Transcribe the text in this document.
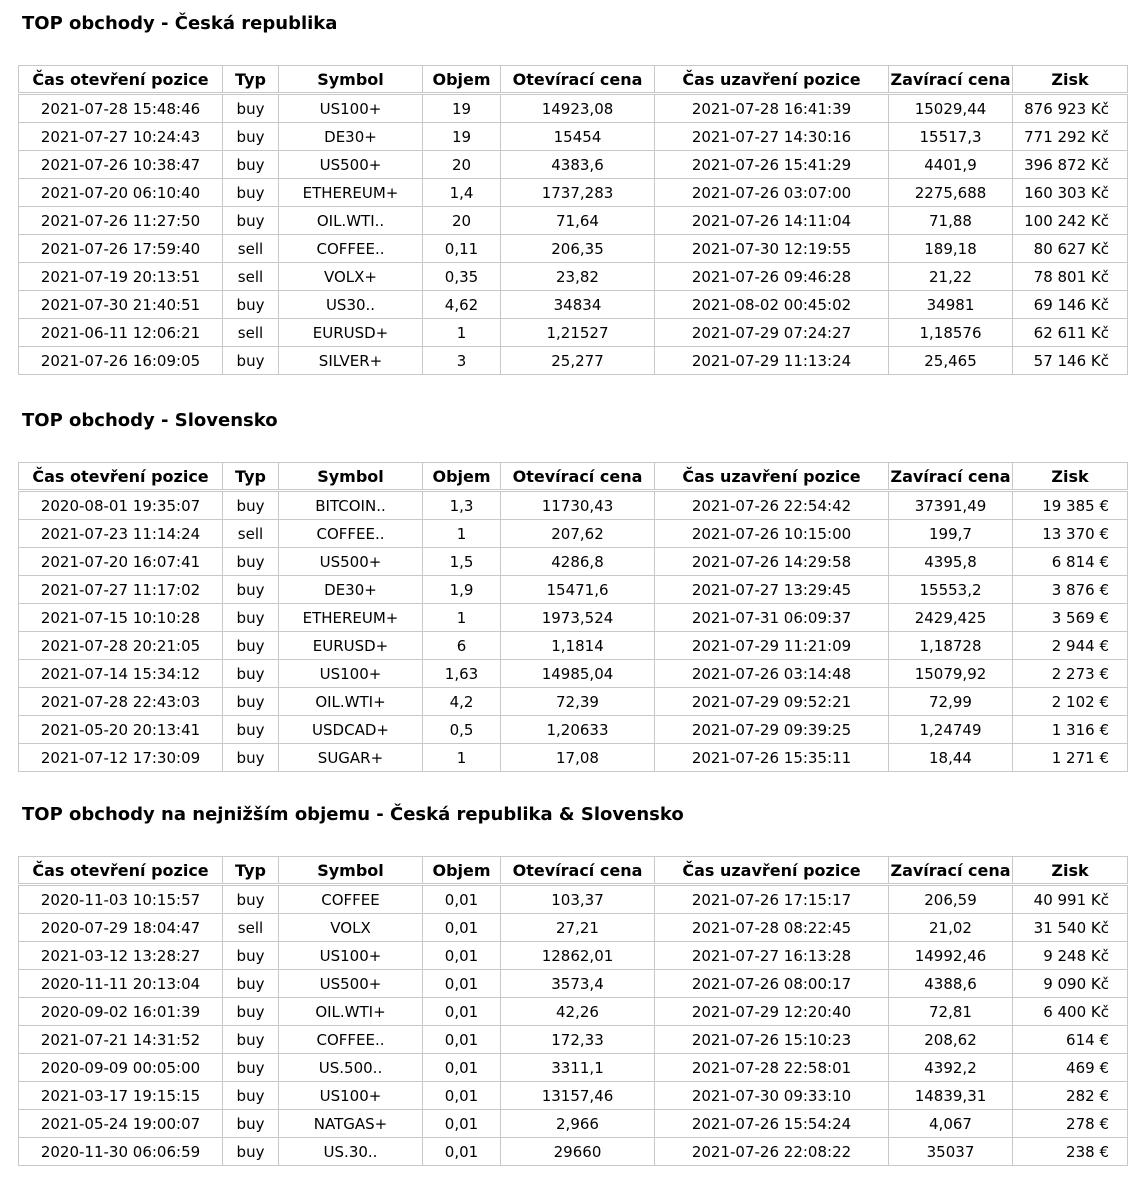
TOP obchody - Česká republika
Čas otevření pozice	Typ	Symbol	Objem	Otevírací cena	Čas uzavření pozice	Zavírací cena	Zisk
2021-07-28 15:48:46	buy	US100+	19	14923,08	2021-07-28 16:41:39	15029,44	876 923 Kč
2021-07-27 10:24:43	buy	DE30+	19	15454	2021-07-27 14:30:16	15517,3	771 292 Kč
2021-07-26 10:38:47	buy	US500+	20	4383,6	2021-07-26 15:41:29	4401,9	396 872 Kč
2021-07-20 06:10:40	buy	ETHEREUM+	1,4	1737,283	2021-07-26 03:07:00	2275,688	160 303 Kč
2021-07-26 11:27:50	buy	OIL.WTI..	20	71,64	2021-07-26 14:11:04	71,88	100 242 Kč
2021-07-26 17:59:40	sell	COFFEE..	0,11	206,35	2021-07-30 12:19:55	189,18	80 627 Kč
2021-07-19 20:13:51	sell	VOLX+	0,35	23,82	2021-07-26 09:46:28	21,22	78 801 Kč
2021-07-30 21:40:51	buy	US30..	4,62	34834	2021-08-02 00:45:02	34981	69 146 Kč
2021-06-11 12:06:21	sell	EURUSD+	1	1,21527	2021-07-29 07:24:27	1,18576	62 611 Kč
2021-07-26 16:09:05	buy	SILVER+	3	25,277	2021-07-29 11:13:24	25,465	57 146 Kč
TOP obchody - Slovensko
Čas otevření pozice	Typ	Symbol	Objem	Otevírací cena	Čas uzavření pozice	Zavírací cena	Zisk
2020-08-01 19:35:07	buy	BITCOIN..	1,3	11730,43	2021-07-26 22:54:42	37391,49	19 385 €
2021-07-23 11:14:24	sell	COFFEE..	1	207,62	2021-07-26 10:15:00	199,7	13 370 €
2021-07-20 16:07:41	buy	US500+	1,5	4286,8	2021-07-26 14:29:58	4395,8	6 814 €
2021-07-27 11:17:02	buy	DE30+	1,9	15471,6	2021-07-27 13:29:45	15553,2	3 876 €
2021-07-15 10:10:28	buy	ETHEREUM+	1	1973,524	2021-07-31 06:09:37	2429,425	3 569 €
2021-07-28 20:21:05	buy	EURUSD+	6	1,1814	2021-07-29 11:21:09	1,18728	2 944 €
2021-07-14 15:34:12	buy	US100+	1,63	14985,04	2021-07-26 03:14:48	15079,92	2 273 €
2021-07-28 22:43:03	buy	OIL.WTI+	4,2	72,39	2021-07-29 09:52:21	72,99	2 102 €
2021-05-20 20:13:41	buy	USDCAD+	0,5	1,20633	2021-07-29 09:39:25	1,24749	1 316 €
2021-07-12 17:30:09	buy	SUGAR+	1	17,08	2021-07-26 15:35:11	18,44	1 271 €
TOP obchody na nejnižším objemu - Česká republika & Slovensko
Čas otevření pozice	Typ	Symbol	Objem	Otevírací cena	Čas uzavření pozice	Zavírací cena	Zisk
2020-11-03 10:15:57	buy	COFFEE	0,01	103,37	2021-07-26 17:15:17	206,59	40 991 Kč
2020-07-29 18:04:47	sell	VOLX	0,01	27,21	2021-07-28 08:22:45	21,02	31 540 Kč
2021-03-12 13:28:27	buy	US100+	0,01	12862,01	2021-07-27 16:13:28	14992,46	9 248 Kč
2020-11-11 20:13:04	buy	US500+	0,01	3573,4	2021-07-26 08:00:17	4388,6	9 090 Kč
2020-09-02 16:01:39	buy	OIL.WTI+	0,01	42,26	2021-07-29 12:20:40	72,81	6 400 Kč
2021-07-21 14:31:52	buy	COFFEE..	0,01	172,33	2021-07-26 15:10:23	208,62	614 €
2020-09-09 00:05:00	buy	US.500..	0,01	3311,1	2021-07-28 22:58:01	4392,2	469 €
2021-03-17 19:15:15	buy	US100+	0,01	13157,46	2021-07-30 09:33:10	14839,31	282 €
2021-05-24 19:00:07	buy	NATGAS+	0,01	2,966	2021-07-26 15:54:24	4,067	278 €
2020-11-30 06:06:59	buy	US.30..	0,01	29660	2021-07-26 22:08:22	35037	238 €
